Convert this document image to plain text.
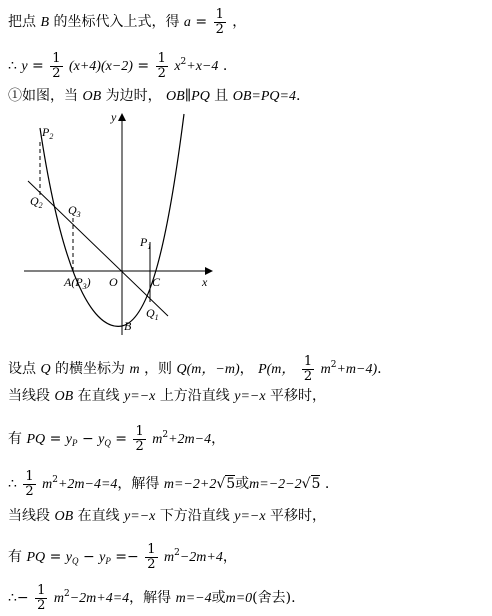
把点 B 的坐标代入上式，得 $a = \frac{1}{2}$ ，
∴ $y = \frac{1}{2} (x+4)(x-2) = \frac{1}{2} x^2+x-4$ .
①如图，当 OB 为边时， OB∥PQ 且 OB=PQ=4.
y
x
O
$A(P_3)$
B
C
$P_1$
$P_2$
$Q_1$
$Q_2$ $Q_3$
设点 Q 的横坐标为 m ，则 Q(m，−m)， P(m， $\frac{1}{2} m^2+m-4$).
当线段 OB 在直线 y=−x 上方沿直线 y=−x 平移时，
有 PQ = $y_P - y_Q = \frac{1}{2} m^2+2m-4$，
∴ $\frac{1}{2} m^2+2m-4=4$，解得 m=−2+2√5或m=−2−2√5 .
当线段 OB 在直线 y=−x 下方沿直线 y=−x 平移时，
有 PQ = $y_Q - y_P =- \frac{1}{2} m^2-2m+4$，
∴− $\frac{1}{2} m^2-2m+4=4$，解得 m=−4或m=0(舍去).
